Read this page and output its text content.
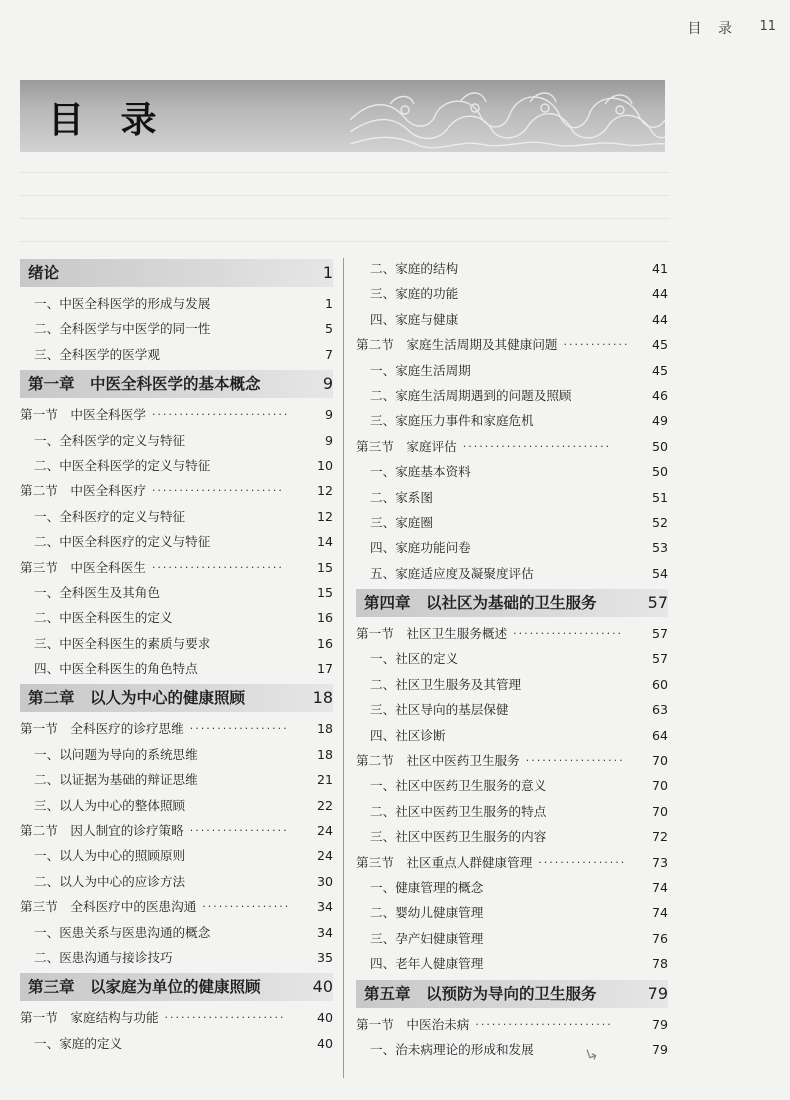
目 录 11
目 录
绪论	1
一、中医全科医学的形成与发展	1
二、全科医学与中医学的同一性	5
三、全科医学的医学观	7
第一章　中医全科医学的基本概念	9
第一节　中医全科医学 ·························	9
一、全科医学的定义与特征	9
二、中医全科医学的定义与特征	10
第二节　中医全科医疗 ························	12
一、全科医疗的定义与特征	12
二、中医全科医疗的定义与特征	14
第三节　中医全科医生 ························	15
一、全科医生及其角色	15
二、中医全科医生的定义	16
三、中医全科医生的素质与要求	16
四、中医全科医生的角色特点	17
第二章　以人为中心的健康照顾	18
第一节　全科医疗的诊疗思维 ·················· 18
一、以问题为导向的系统思维	18
二、以证据为基础的辩证思维	21
三、以人为中心的整体照顾	22
第二节　因人制宜的诊疗策略 ·················· 24
一、以人为中心的照顾原则	24
二、以人为中心的应诊方法	30
第三节　全科医疗中的医患沟通 ················ 34
一、医患关系与医患沟通的概念	34
二、医患沟通与接诊技巧	35
第三章　以家庭为单位的健康照顾	40
第一节　家庭结构与功能 ······················	40
一、家庭的定义	40
二、家庭的结构	41
三、家庭的功能	44
四、家庭与健康	44
第二节　家庭生活周期及其健康问题 ············ 45
一、家庭生活周期	45
二、家庭生活周期遇到的问题及照顾	46
三、家庭压力事件和家庭危机	49
第三节　家庭评估 ···························	50
一、家庭基本资料	50
二、家系图	51
三、家庭圈	52
四、家庭功能问卷	53
五、家庭适应度及凝聚度评估	54
第四章　以社区为基础的卫生服务	57
第一节　社区卫生服务概述 ···················· 57
一、社区的定义	57
二、社区卫生服务及其管理	60
三、社区导向的基层保健	63
四、社区诊断	64
第二节　社区中医药卫生服务 ·················· 70
一、社区中医药卫生服务的意义	70
二、社区中医药卫生服务的特点	70
三、社区中医药卫生服务的内容	72
第三节　社区重点人群健康管理 ················ 73
一、健康管理的概念	74
二、婴幼儿健康管理	74
三、孕产妇健康管理	76
四、老年人健康管理	78
第五章　以预防为导向的卫生服务	79
第一节　中医治未病 ·························	79
一、治未病理论的形成和发展	79
↳
